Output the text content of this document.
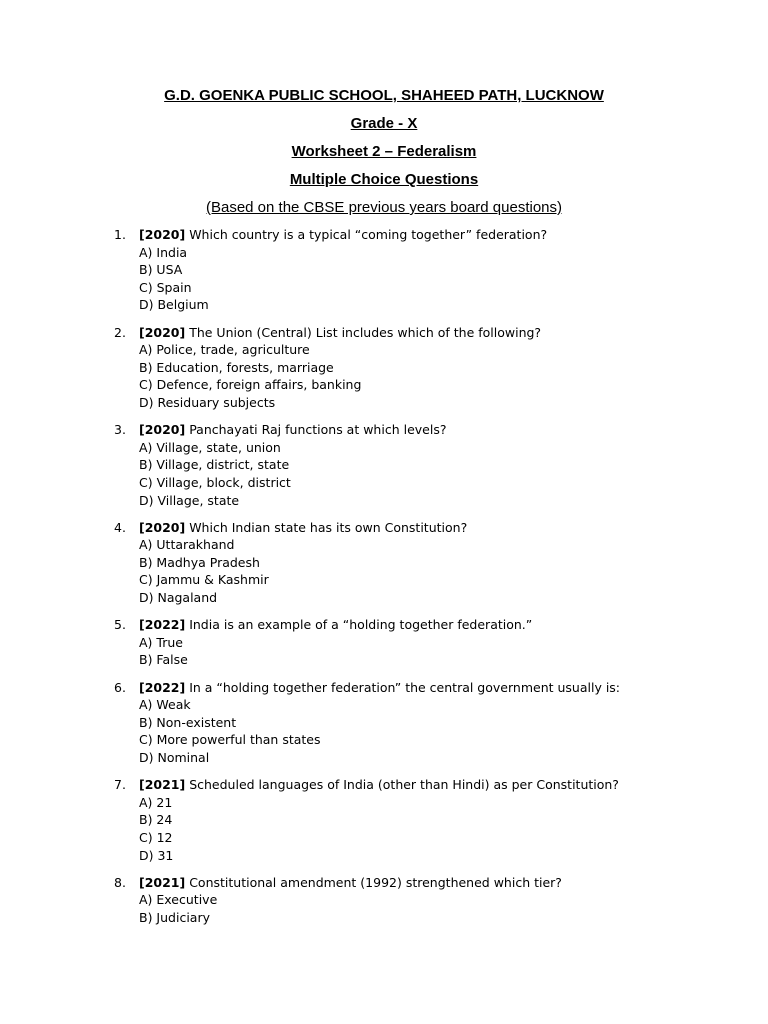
G.D. GOENKA PUBLIC SCHOOL, SHAHEED PATH, LUCKNOW
Grade - X
Worksheet 2 – Federalism
Multiple Choice Questions
(Based on the CBSE previous years board questions)
1.	[2020] Which country is a typical “coming together” federation?
A) India
B) USA
C) Spain
D) Belgium
2.	[2020] The Union (Central) List includes which of the following?
A) Police, trade, agriculture
B) Education, forests, marriage
C) Defence, foreign affairs, banking
D) Residuary subjects
3.	[2020] Panchayati Raj functions at which levels?
A) Village, state, union
B) Village, district, state
C) Village, block, district
D) Village, state
4.	[2020] Which Indian state has its own Constitution?
A) Uttarakhand
B) Madhya Pradesh
C) Jammu & Kashmir
D) Nagaland
5.	[2022] India is an example of a “holding together federation.”
A) True
B) False
6.	[2022] In a “holding together federation” the central government usually is:
A) Weak
B) Non-existent
C) More powerful than states
D) Nominal
7.	[2021] Scheduled languages of India (other than Hindi) as per Constitution?
A) 21
B) 24
C) 12
D) 31
8.	[2021] Constitutional amendment (1992) strengthened which tier?
A) Executive
B) Judiciary
